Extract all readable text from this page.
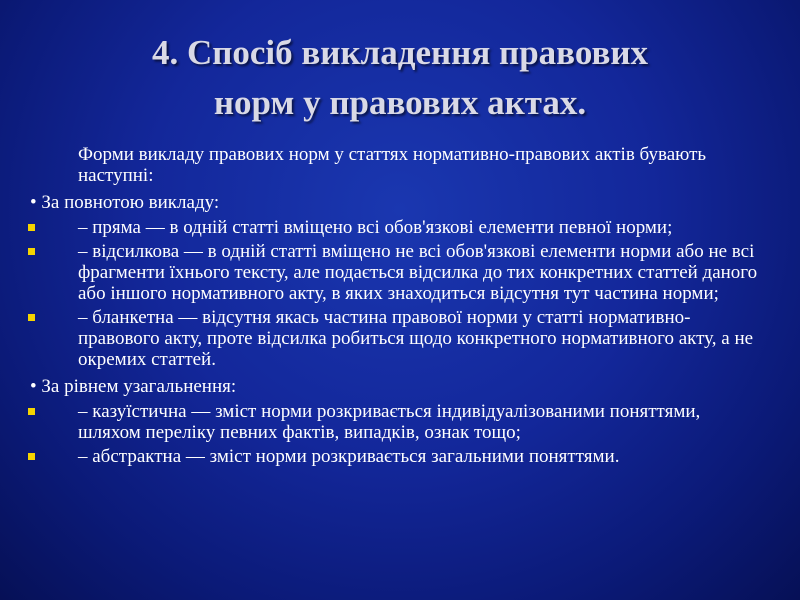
4. Спосіб викладення правових
норм у правових актах.
Форми викладу правових норм у статтях нормативно-правових актів бувають наступні:
• За повнотою викладу:
– пряма — в одній статті вміщено всі обов'язкові елементи певної норми;
– відсилкова — в одній статті вміщено не всі обов'язкові елементи норми або не всі фрагменти їхнього тексту, але подається відсилка до тих конкретних статтей даного або іншого нормативного акту, в яких знаходиться відсутня тут частина норми;
– бланкетна — відсутня якась частина правової норми у статті нормативно-правового акту, проте відсилка робиться щодо конкретного нормативного акту, а не окремих статтей.
• За рівнем узагальнення:
– казуїстична — зміст норми розкривається індивідуалізованими поняттями, шляхом переліку певних фактів, випадків, ознак тощо;
– абстрактна — зміст норми розкривається загальними поняттями.
